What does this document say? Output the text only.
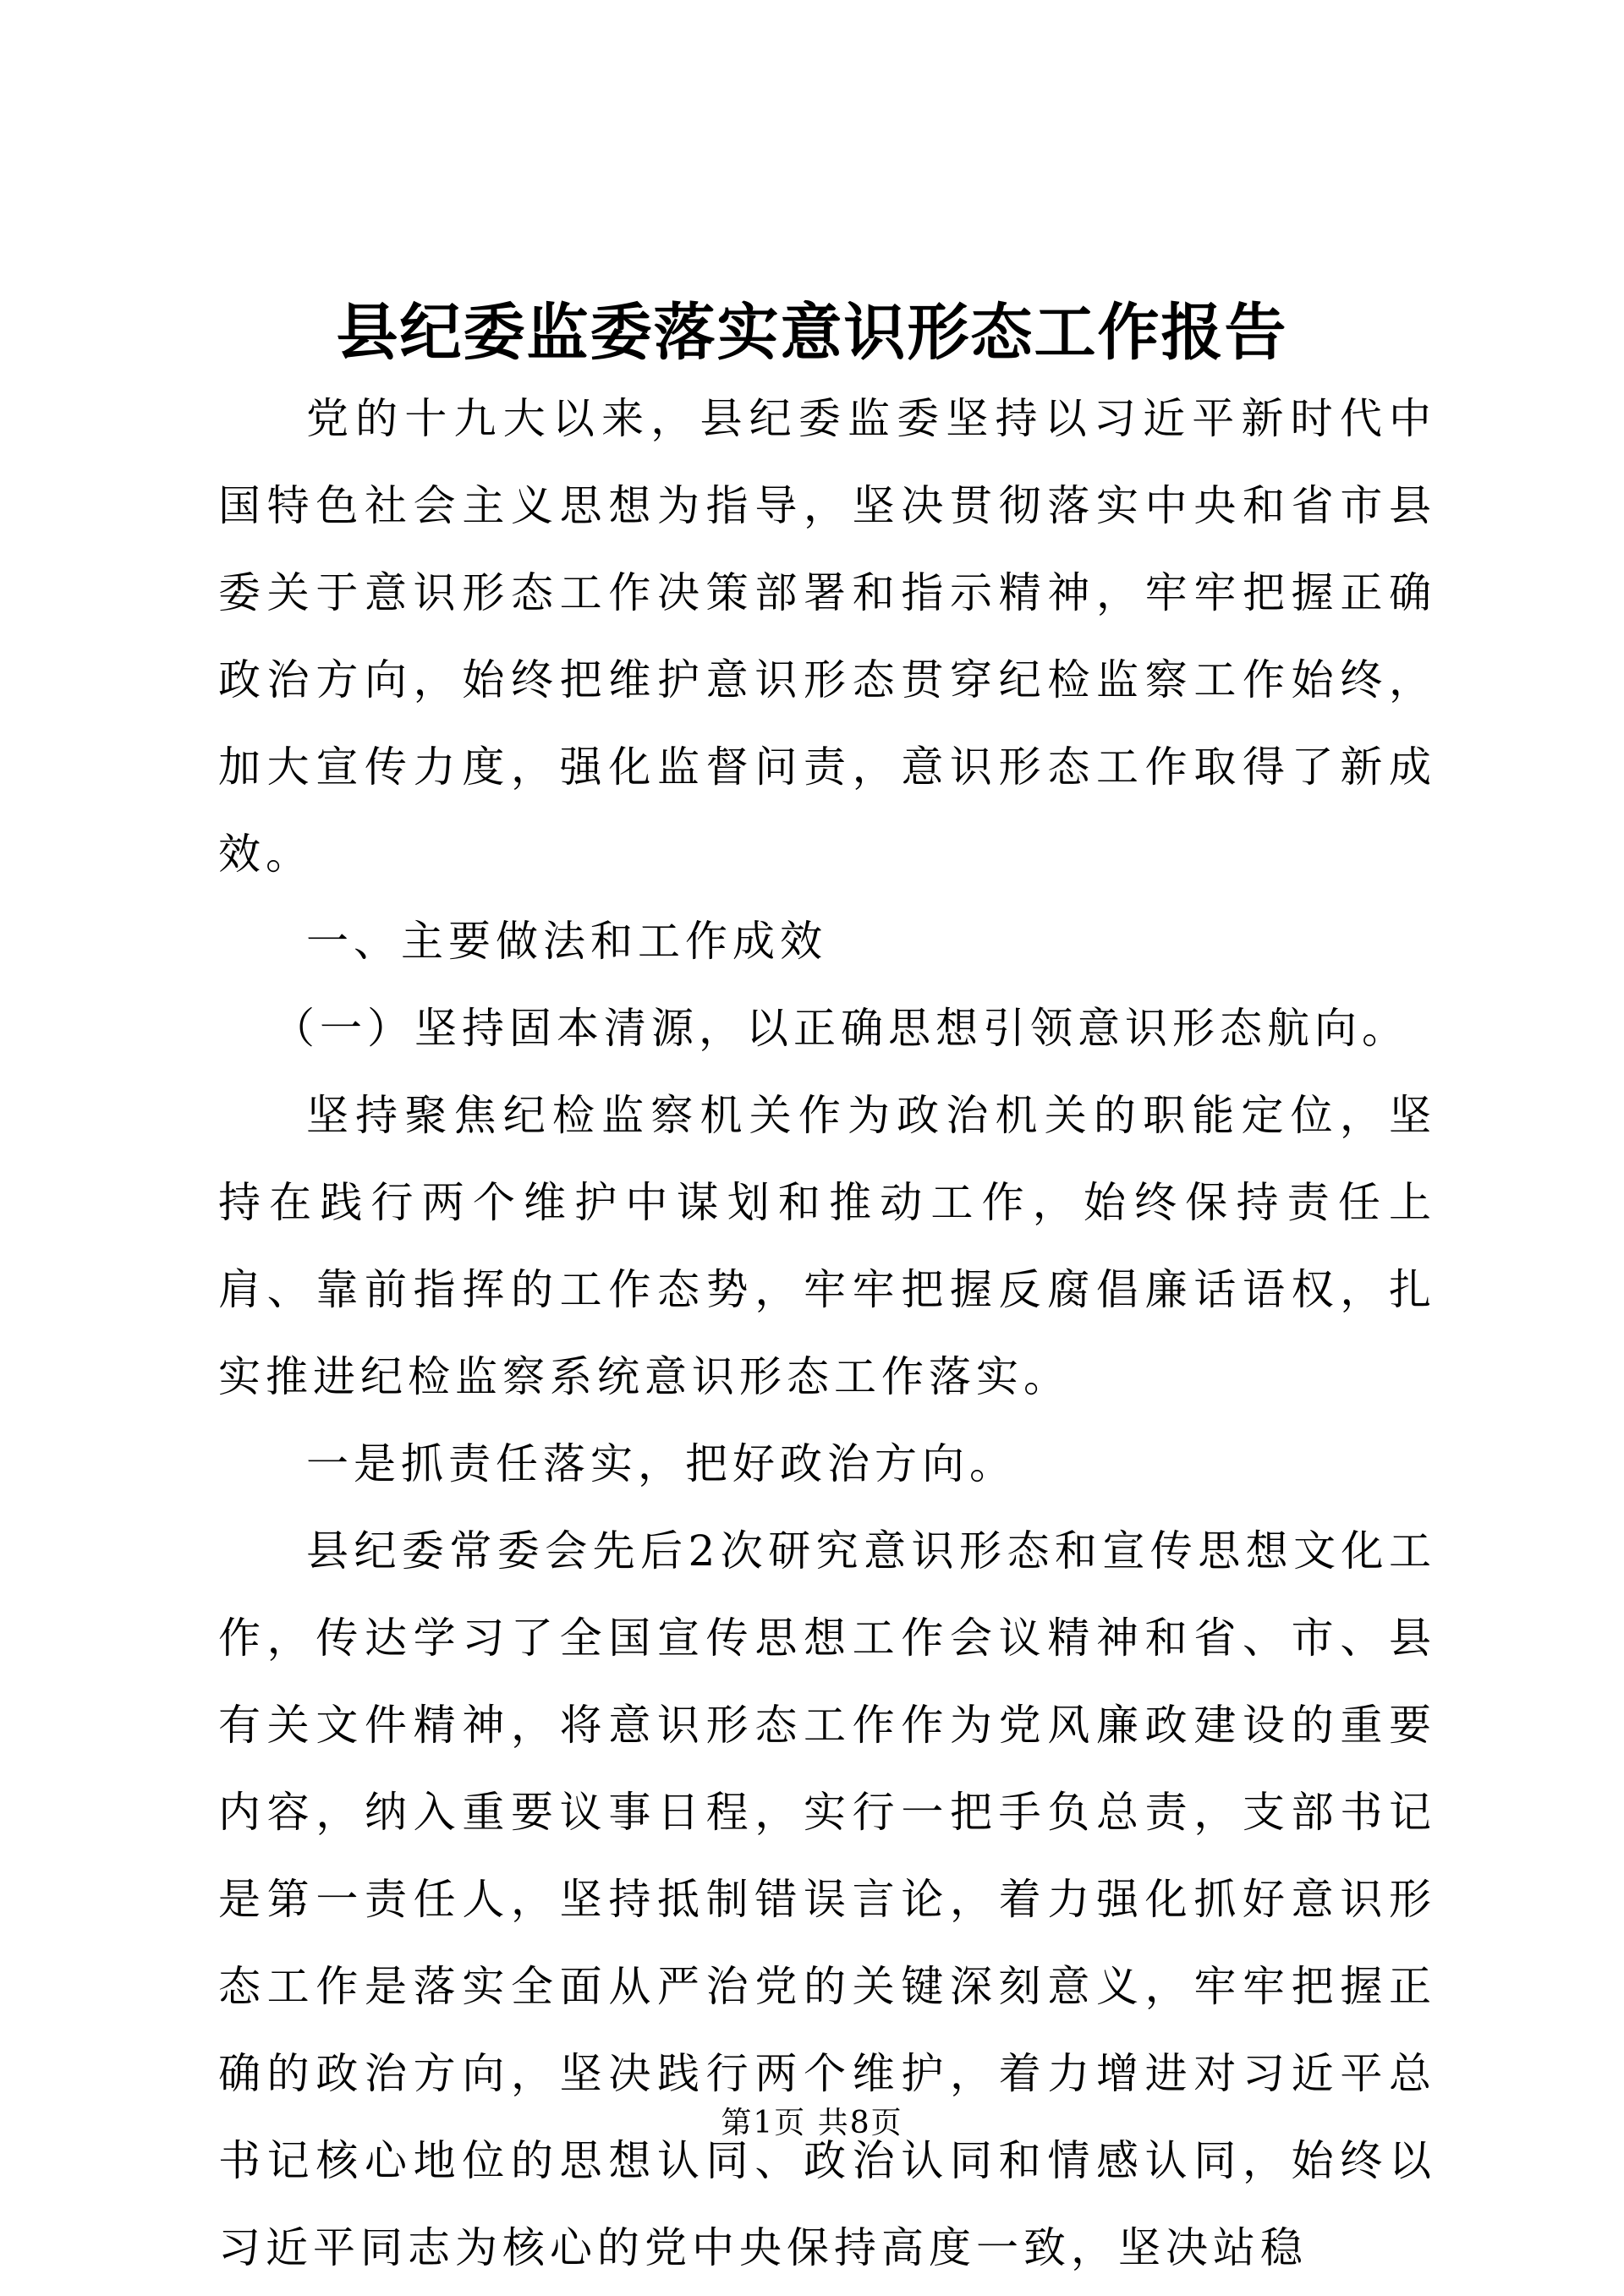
县纪委监委落实意识形态工作报告

党的十九大以来，县纪委监委坚持以习近平新时代中国特色社会主义思想为指导，坚决贯彻落实中央和省市县委关于意识形态工作决策部署和指示精神，牢牢把握正确政治方向，始终把维护意识形态贯穿纪检监察工作始终，加大宣传力度，强化监督问责，意识形态工作取得了新成效。

一、主要做法和工作成效

（一）坚持固本清源，以正确思想引领意识形态航向。

坚持聚焦纪检监察机关作为政治机关的职能定位，坚持在践行两个维护中谋划和推动工作，始终保持责任上肩、靠前指挥的工作态势，牢牢把握反腐倡廉话语权，扎实推进纪检监察系统意识形态工作落实。

一是抓责任落实，把好政治方向。

县纪委常委会先后2次研究意识形态和宣传思想文化工作，传达学习了全国宣传思想工作会议精神和省、市、县有关文件精神，将意识形态工作作为党风廉政建设的重要内容，纳入重要议事日程，实行一把手负总责，支部书记是第一责任人，坚持抵制错误言论，着力强化抓好意识形态工作是落实全面从严治党的关键深刻意义，牢牢把握正确的政治方向，坚决践行两个维护，着力增进对习近平总书记核心地位的思想认同、政治认同和情感认同，始终以习近平同志为核心的党中央保持高度一致，坚决站稳

第1页 共8页
